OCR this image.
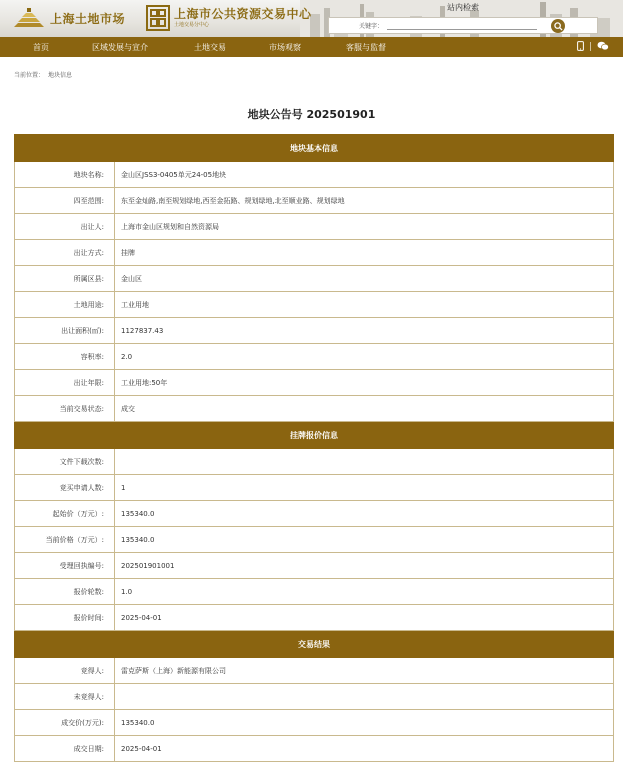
上海土地市场	上海市公共资源交易中心
土地交易分中心
站内检索
关键字：
首页	区域发展与宣介	土地交易	市场观察	客服与监督
当前位置： 地块信息
地块公告号 202501901
地块基本信息	
地块名称:	金山区JSS3-0405单元24-05地块
四至范围:	东至金灿路,南至规划绿地,西至金拓路、规划绿地,北至顺业路、规划绿地
出让人:	上海市金山区规划和自然资源局
出让方式:	挂牌
所属区县:	金山区
土地用途:	工业用地
出让面积(㎡):	1127837.43
容积率:	2.0
出让年限:	工业用地:50年
当前交易状态:	成交
挂牌报价信息	
文件下载次数:	
竞买申请人数:	1
起始价（万元）:	135340.0
当前价格（万元）:	135340.0
受理回执编号:	202501901001
报价轮数:	1.0
报价时间:	2025-04-01
交易结果	
竞得人:	雷克萨斯（上海）新能源有限公司
未竞得人:	
成交价(万元):	135340.0
成交日期:	2025-04-01
